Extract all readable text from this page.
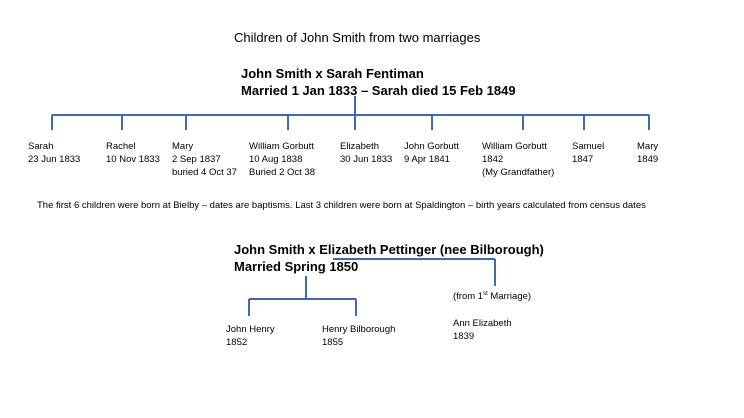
Children of John Smith from two marriages
John Smith x Sarah Fentiman
Married 1 Jan 1833 – Sarah died 15 Feb 1849
Sarah
23 Jun 1833
Rachel
10 Nov 1833
Mary
2 Sep 1837
buried 4 Oct 37
William Gorbutt
10 Aug 1838
Buried 2 Oct 38
Elizabeth
30 Jun 1833
John Gorbutt
9 Apr 1841
William Gorbutt
1842
(My Grandfather)
Samuel
1847
Mary
1849
The first 6 children were born at Bielby – dates are baptisms. Last 3 children were born at Spaldington – birth years calculated from census dates
John Smith x Elizabeth Pettinger (nee Bilborough)
Married Spring 1850
John Henry
1852
Henry Bilborough
1855
(from 1st Marriage)
Ann Elizabeth
1839
